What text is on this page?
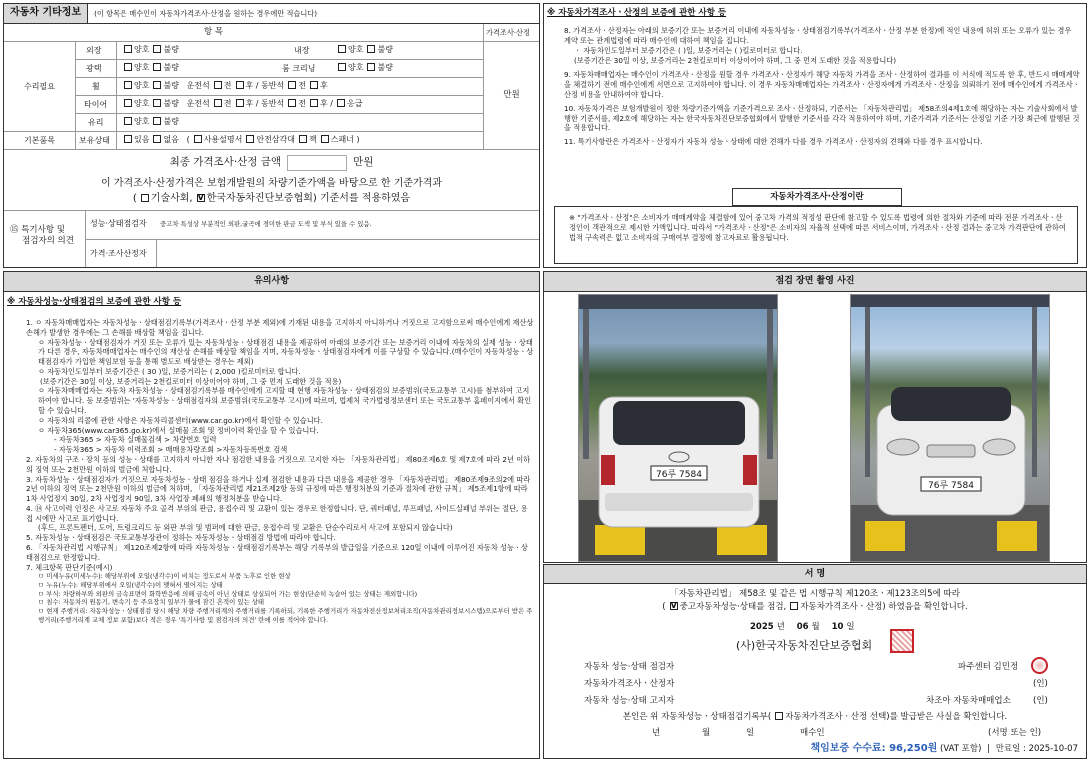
자동차 기타정보	(이 항목은 매수인이 자동차가격조사·산정을 원하는 경우에만 적습니다)
항 목	가격조사·산정
수리필요
기본품목
외장	양호 불량	내장	양호 불량
광택	양호 불량	룸 크리닝	양호 불량
휠	양호 불량 운전석 전 후 / 동반석 전 후
타이어	양호 불량 운전석 전 후 / 동반석 전 후 / 응급
유리	양호 불량
보유상태	있음 없음 ( 사용설명서 안전삼각대 잭 스패너 )
만원
최종 가격조사·산정 금액	만원
이 가격조사·산정가격은 보험개발원의 차량기준가액을 바탕으로 한 기준가격과
( 기술사회, V 한국자동차진단보증협회) 기준서를 적용하였음
⑮ 특기사항 및
점검자의 의견
성능·상태점검자 중고차 특성상 부분적인 외판,굴곡에 경미한 판금 도색 및 부식 있을 수 있음.
가격·조사산정자
※ 자동차가격조사ㆍ산정의 보증에 관한 사항 등

8. 가격조사ㆍ산정자는 아래의 보증기간 또는 보증거리 이내에 자동차성능ㆍ상태점검기록부(가격조사ㆍ산정 부분 한정)에 적인 내용에 허위 또는 오류가 있는 경우 계약 또는 관계법령에 따라 매수인에 대하여 책임을 집니다.

ㆍ 자동차인도일부터 보증기간은 ( )일, 보증거리는 ( )킬로미터로 합니다.

(보증기간은 30일 이상, 보증거리는 2천킬로미터 이상이어야 하며, 그 중 먼저 도래한 것을 적용합니다)

9. 자동차매매업자는 매수인이 가격조사ㆍ산정을 원할 경우 가격조사ㆍ산정자가 해당 자동차 가격을 조사ㆍ산정하여 결과를 이 서식에 적도록 한 후, 반드시 매매계약을 체결하기 전에 매수인에게 서면으로 고지하여야 합니다. 이 경우 자동차매매업자는 가격조사ㆍ산정자에게 가격조사ㆍ산정을 의뢰하기 전에 매수인에게 가격조사ㆍ산정 비용을 안내하여야 합니다.

10. 자동차가격은 보험개발원이 정한 차량기준가액을 기준가격으로 조사ㆍ산정하되, 기준서는 「자동차관리법」 제58조의4제1호에 해당하는 자는 기술사회에서 발행한 기준서를, 제2호에 해당하는 자는 한국자동차진단보증협회에서 발행한 기준서를 각각 적용하여야 하며, 기준가격과 기준서는 산정일 기준 가장 최근에 발행된 것을 적용합니다.

11. 특기사항란은 가격조사ㆍ산정자가 자동차 성능ㆍ상태에 대한 견해가 다를 경우 가격조사ㆍ산정자의 견해와 다를 경우 표시합니다.

자동차가격조사·산정이란
※ "가격조사ㆍ산정"은 소비자가 매매계약을 체결함에 있어 중고차 가격의 적정성 판단에 참고할 수 있도록 법령에 의한 절차와 기준에 따라 전문 가격조사ㆍ산정인이 객관적으로 제시한 가액입니다. 따라서 "가격조사ㆍ산정"은 소비자의 자율적 선택에 따른 서비스이며, 가격조사ㆍ산정 결과는 중고차 가격판단에 관하여 법적 구속력은 없고 소비자의 구매여부 결정에 참고자료로 활용됩니다.
유의사항
※ 자동차성능·상태점검의 보증에 관한 사항 등

1. ㅇ 자동차매매업자는 자동차성능ㆍ상태점검기록부(가격조사ㆍ산정 부분 제외)에 기재된 내용을 고지하지 아니하거나 거짓으로 고지함으로써 매수인에게 재산상 손해가 발생한 경우에는 그 손해를 배상할 책임을 집니다.

ㅇ 자동차성능ㆍ상태점검자가 거짓 또는 오류가 있는 자동차성능ㆍ상태점검 내용을 제공하여 아래의 보증기간 또는 보증거리 이내에 자동차의 실제 성능ㆍ상태가 다른 경우, 자동차매매업자는 매수인의 재산상 손해를 배상할 책임을 지며, 자동차성능ㆍ상태점검자에게 이를 구상할 수 있습니다.(매수인이 자동차성능ㆍ상태점검자가 가입한 책임보험 등을 통해 별도로 배상받는 경우는 제외)

ㅇ 자동차인도일부터 보증기간은 ( 30 )일, 보증거리는 ( 2,000 )킬로미터로 합니다.

(보증기간은 30일 이상, 보증거리는 2천킬로미터 이상이어야 하며, 그 중 먼저 도래한 것을 적용)

ㅇ 자동차매매업자는 자동차 자동차성능ㆍ상태점검기록부를 매수인에게 고지할 때 현행 자동차성능ㆍ상태점검의 보증범위(국토교통부 고시)를 첨부하여 고지하여야 합니다. 등 보증범위는 '자동차성능ㆍ상태점검자의 보증범위(국토교통부 고시)에 따르며, 법제처 국가법령정보센터 또는 국토교통부 홈페이지에서 확인할 수 있습니다.

ㅇ 자동차의 리콜에 관한 사항은 자동차리콜센터(www.car.go.kr)에서 확인할 수 있습니다.

ㅇ 자동차365(www.car365.go.kr)에서 실매물 조회 및 정비이력 확인을 할 수 있습니다.

- 자동차365 > 자동차 실매물검색 > 차량번호 입력

- 자동차365 > 자동차 이력조회 > 매매용차량조회 >자동차등록번호 검색

2. 자동차의 구조ㆍ장치 등의 성능ㆍ상태를 고지하지 아니한 자나 점검한 내용을 거짓으로 고지한 자는 「자동차관리법」 제80조제6호 및 제7호에 따라 2년 이하의 징역 또는 2천만원 이하의 벌금에 처합니다.

3. 자동차성능ㆍ상태점검자가 거짓으로 자동차성능ㆍ상태 점검을 하거나 실제 점검한 내용과 다른 내용을 제공한 경우 「자동차관리법」 제80조제9조의2에 따라 2년 이하의 징역 또는 2천만원 이하의 벌금에 처하며, 「자동차관리법 제21조제2항 등의 규정에 따른 행정처분의 기준과 절차에 관한 규칙」 제5조제1항에 따라 1차 사업정지 30일, 2차 사업정지 90일, 3차 사업장 폐쇄의 행정처분을 받습니다.

4. ⑭ 사고이력 인정은 사고로 자동차 주요 골격 부위의 판금, 용접수리 및 교환이 있는 경우로 한정합니다. 단, 쿼터패널, 루프패널, 사이드실패널 부위는 절단, 용접 시에만 사고로 표기합니다.

(후드, 프론트펜더, 도어, 트렁크리드 등 외판 부위 및 범퍼에 대한 판금, 용접수리 및 교환은 단순수리로서 사고에 포함되지 않습니다)

5. 자동차성능ㆍ상태점검은 국토교통부장관이 정하는 자동차성능ㆍ상태점검 방법에 따라야 합니다.

6. 「자동차관리법 시행규칙」 제120조제2항에 따라 자동차성능ㆍ상태점검기록부는 해당 기록부의 발급일을 기준으로 120일 이내에 이루어진 자동차 성능ㆍ상태점검으로 한정합니다.

7. 체크항목 판단기준(예시)

ㅁ 미세누유(미세누수): 해당부위에 오일(냉각수)이 비치는 정도로서 부품 노후로 인한 현상

ㅁ 누유(누수): 해당부위에서 오일(냉각수)이 맺혀서 떨어지는 상태

ㅁ 부식: 차량하부와 외판의 금속표면이 화학반응에 의해 금속이 아닌 상태로 상실되어 가는 현상(단순히 녹슬어 있는 상태는 제외합니다)

ㅁ 침수: 자동차의 원동기, 변속기 등 주요장치 일부가 물에 잠긴 흔적이 있는 상태

ㅁ 현재 주행거리: 자동차성능ㆍ상태점검 당시 해당 차량 주행거리계의 주행거리를 기록하되, 기록한 주행거리가 자동차전산정보처리조직(자동차관리정보시스템)으로부터 받은 주행거리(주행거리계 교체 정보 포함)보다 적은 경우 '특기사항 및 점검자의 의견' 란에 이를 적어야 합니다.

점검 장면 촬영 사진
76루 7584
76루 7584
서 명
「자동차관리법」 제58조 및 같은 법 시행규칙 제120조ㆍ제123조의5에 따라
( V 중고자동차성능·상태를 점검, 자동차가격조사ㆍ산정) 하였음을 확인합니다.
2025 년 06 월 10 일
(사)한국자동차진단보증협회
자동차 성능·상태 점검자	파주센터 김민정
자동차가격조사ㆍ산정자	(인)
자동차 성능·상태 고지자	차조아 자동차매매업소	(인)
본인은 위 자동차성능ㆍ상태점검기록부( 자동차가격조사 · 산정 선택)를 발급받은 사실을 확인합니다.
년	월	일	매수인	(서명 또는 인)
책임보증 수수료: 96,250원 (VAT 포함) | 만료일 : 2025-10-07
